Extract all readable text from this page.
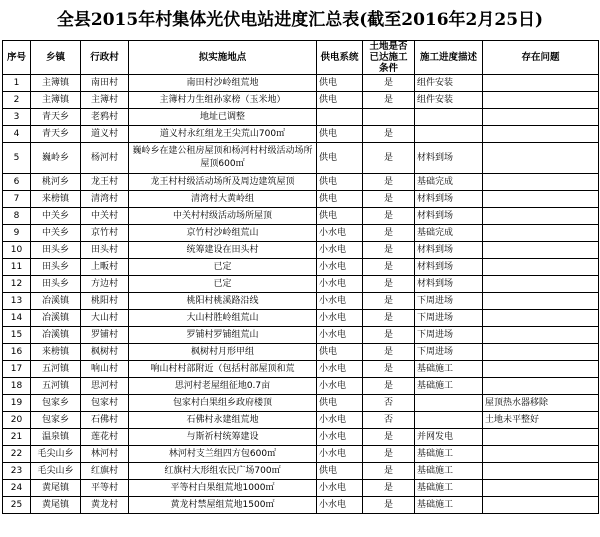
全县2015年村集体光伏电站进度汇总表(截至2016年2月25日)
序号	乡镇	行政村	拟实施地点	供电系统	土地是否已达施工条件	施工进度描述	存在问题
1	主簿镇	南田村	南田村沙岭组荒地	供电	是	组件安装	
2	主簿镇	主簿村	主簿村力生组孙家榜（玉米地）	供电	是	组件安装	
3	青天乡	老鸦村	地址已调整				
4	青天乡	道义村	道义村永红组龙王尖荒山700㎡	供电	是		
5	巍岭乡	杨河村	巍岭乡在建公租房屋顶和杨河村村级活动场所屋顶600㎡	供电	是	材料到场	
6	桃河乡	龙王村	龙王村村级活动场所及周边建筑屋顶	供电	是	基础完成	
7	来榜镇	清湾村	清湾村大黄岭组	供电	是	材料到场	
8	中关乡	中关村	中关村村级活动场所屋顶	供电	是	材料到场	
9	中关乡	京竹村	京竹村沙岭组荒山	小水电	是	基础完成	
10	田头乡	田头村	统筹建设在田头村	小水电	是	材料到场	
11	田头乡	上畈村	已定	小水电	是	材料到场	
12	田头乡	方边村	已定	小水电	是	材料到场	
13	冶溪镇	桃阳村	桃阳村桃溪路沿线	小水电	是	下周进场	
14	冶溪镇	大山村	大山村胜岭组荒山	小水电	是	下周进场	
15	冶溪镇	罗铺村	罗铺村罗铺组荒山	小水电	是	下周进场	
16	来榜镇	枫树村	枫树村月形甲组	供电	是	下周进场	
17	五河镇	响山村	响山村村部附近（包括村部屋顶和荒	小水电	是	基础施工	
18	五河镇	思河村	思河村老屋组征地0.7亩	小水电	是	基础施工	
19	包家乡	包家村	包家村白果组乡政府楼顶	供电	否		屋顶热水器移除
20	包家乡	石佛村	石佛村永建组荒地	小水电	否		土地未平整好
21	温泉镇	莲花村	与斯祈村统筹建设	小水电	是	并网发电	
22	毛尖山乡	林河村	林河村支兰组四方包600㎡	小水电	是	基础施工	
23	毛尖山乡	红旗村	红旗村大形组农民广场700㎡	供电	是	基础施工	
24	黄尾镇	平等村	平等村白果组荒地1000㎡	小水电	是	基础施工	
25	黄尾镇	黄龙村	黄龙村禁屋组荒地1500㎡	小水电	是	基础施工	
